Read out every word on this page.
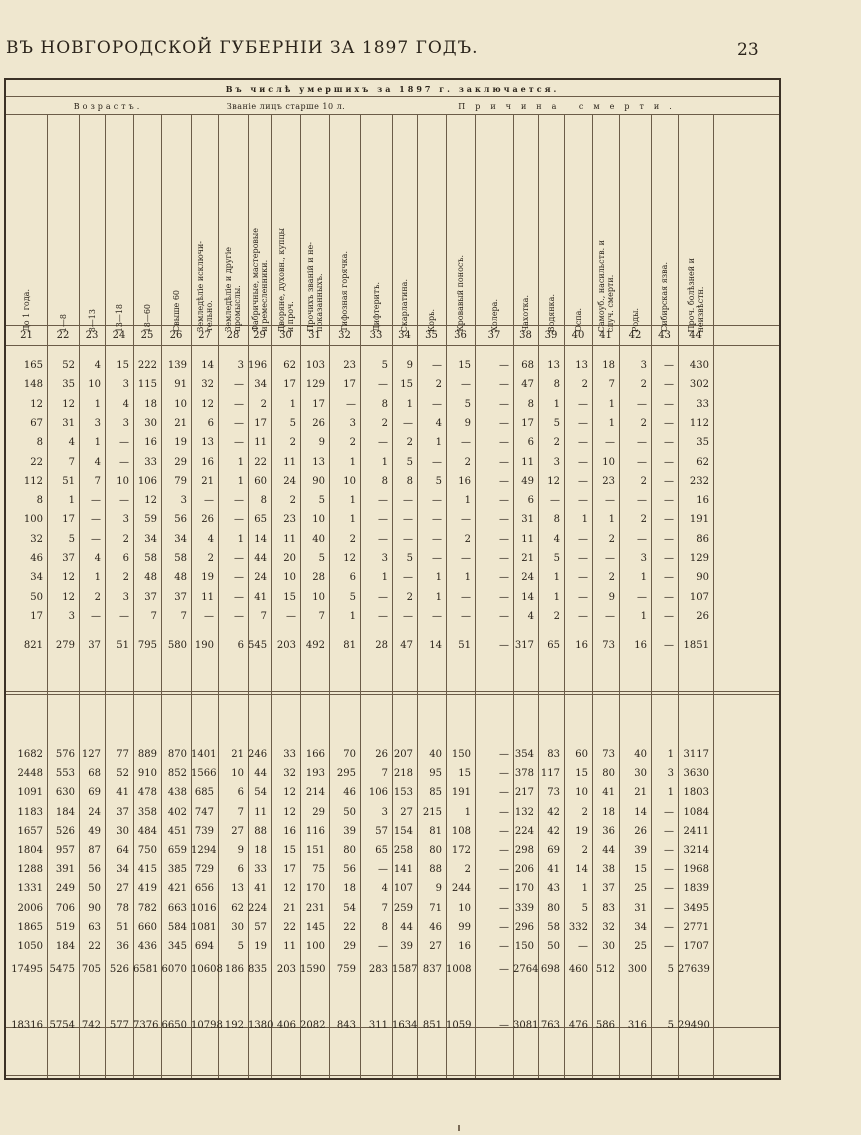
ВЪ НОВГОРОДСКОЙ ГУБЕРНІИ ЗА 1897 ГОДЪ.	23
Въ числѣ умершихъ за 1897 г. заключается.
Возрастъ.	Званіе лицъ старше 10 л.	Причина смерти.
До 1 года.
21
1—8
22
8—13
23
13—18
24
18—60
25
Свыше 60
26
Земледѣліе исключи-
тельно.
27
Земледѣліе и другіе
промыслы.
28
Фабричные, мастеровые
и ремесленники.
29
Дворяне, духовн., купцы
и проч.
30
Прочихъ званій и не-
показанныхъ.
31
Тифозная горячка.
32
Дифтеритъ.
33
Скарлатина.
34
Корь.
35
Кровавый поносъ.
36
Холера.
37
Чахотка.
38
Водянка.
39
Оспа.
40
Самоуб., насильств. и
случ. смерти.
41
Роды.
42
Сибирская язва.
43
Проч. болѣзней и
неизвѣстн.
44
165	52	4	15 222	139	14	3 196	62 103	23	5	9	—	15	—	68	13	13	18	3	—	430
148	35	10	3 115	91	32	—	34	17 129	17	—	15	2	—	—	47	8	2	7	2	—	302
12	12	1	4	18	10	12	—	2	1	17	—	8	1	—	5	—	8	1	—	1	—	—	33
67	31	3	3	30	21	6	—	17	5	26	3	2	—	4	9	—	17	5	—	1	2	—	112
8	4	1	—	16	19	13	—	11	2	9	2	—	2	1	—	—	6	2	—	—	—	—	35
22	7	4	—	33	29	16	1	22	11	13	1	1	5	—	2	—	11	3	—	10	—	—	62
112	51	7	10 106	79	21	1	60	24	90	10	8	8	5	16	—	49	12	—	23	2	—	232
8	1	—	—	12	3	—	—	8	2	5	1	—	—	—	1	—	6	—	—	—	—	—	16
100	17	—	3	59	56	26	—	65	23	10	1	—	—	—	—	—	31	8	1	1	2	—	191
32	5	—	2	34	34	4	1	14	11	40	2	—	—	—	2	—	11	4	—	2	—	—	86
46	37	4	6	58	58	2	—	44	20	5	12	3	5	—	—	—	21	5	—	—	3	—	129
34	12	1	2	48	48	19	—	24	10	28	6	1	—	1	1	—	24	1	—	2	1	—	90
50	12	2	3	37	37	11	—	41	15	10	5	—	2	1	—	—	14	1	—	9	—	—	107
17	3	—	—	7	7	—	—	7	—	7	1	—	—	—	—	—	4	2	—	—	1	—	26
821	279	37	51 795	580 190	6 545 203 492	81	28	47	14	51	— 317	65	16	73	16	— 1851
1682	576 127	77 889	870 1401	21 246	33 166	70	26 207	40 150	— 354	83	60	73	40	1 3117
2448	553	68	52 910	852 1566	10	44	32 193	295	7 218	95	15	— 378 117	15	80	30	3 3630
1091	630	69	41 478	438 685	6	54	12 214	46	106 153	85 191	— 217	73	10	41	21	1 1803
1183	184	24	37 358	402 747	7	11	12	29	50	3	27 215	1	— 132	42	2	18	14	— 1084
1657	526	49	30 484	451 739	27	88	16 116	39	57 154	81 108	— 224	42	19	36	26	— 2411
1804	957	87	64 750	659 1294	9	18	15 151	80	65 258	80 172	— 298	69	2	44	39	— 3214
1288	391	56	34 415	385 729	6	33	17	75	56	— 141	88	2	— 206	41	14	38	15	— 1968
1331	249	50	27 419	421 656	13	41	12 170	18	4 107	9 244	— 170	43	1	37	25	— 1839
2006	706	90	78 782	663 1016	62 224	21 231	54	7 259	71	10	— 339	80	5	83	31	— 3495
1865	519	63	51 660	584 1081	30	57	22 145	22	8	44	46	99	— 296	58 332	32	34	— 2771
1050	184	22	36 436	345 694	5	19	11 100	29	—	39	27	16	— 150	50	—	30	25	— 1707
17495 5475 705 526 6581 6070 10608 186 835 203 1590	759	283 1587 837 1008	— 2764 698 460 512	300	5 27639
18316 5754 742 577 7376 6650 10798 192 1380 406 2082	843	311 1634 851 1059	— 3081 763 476 586	316	5 29490
